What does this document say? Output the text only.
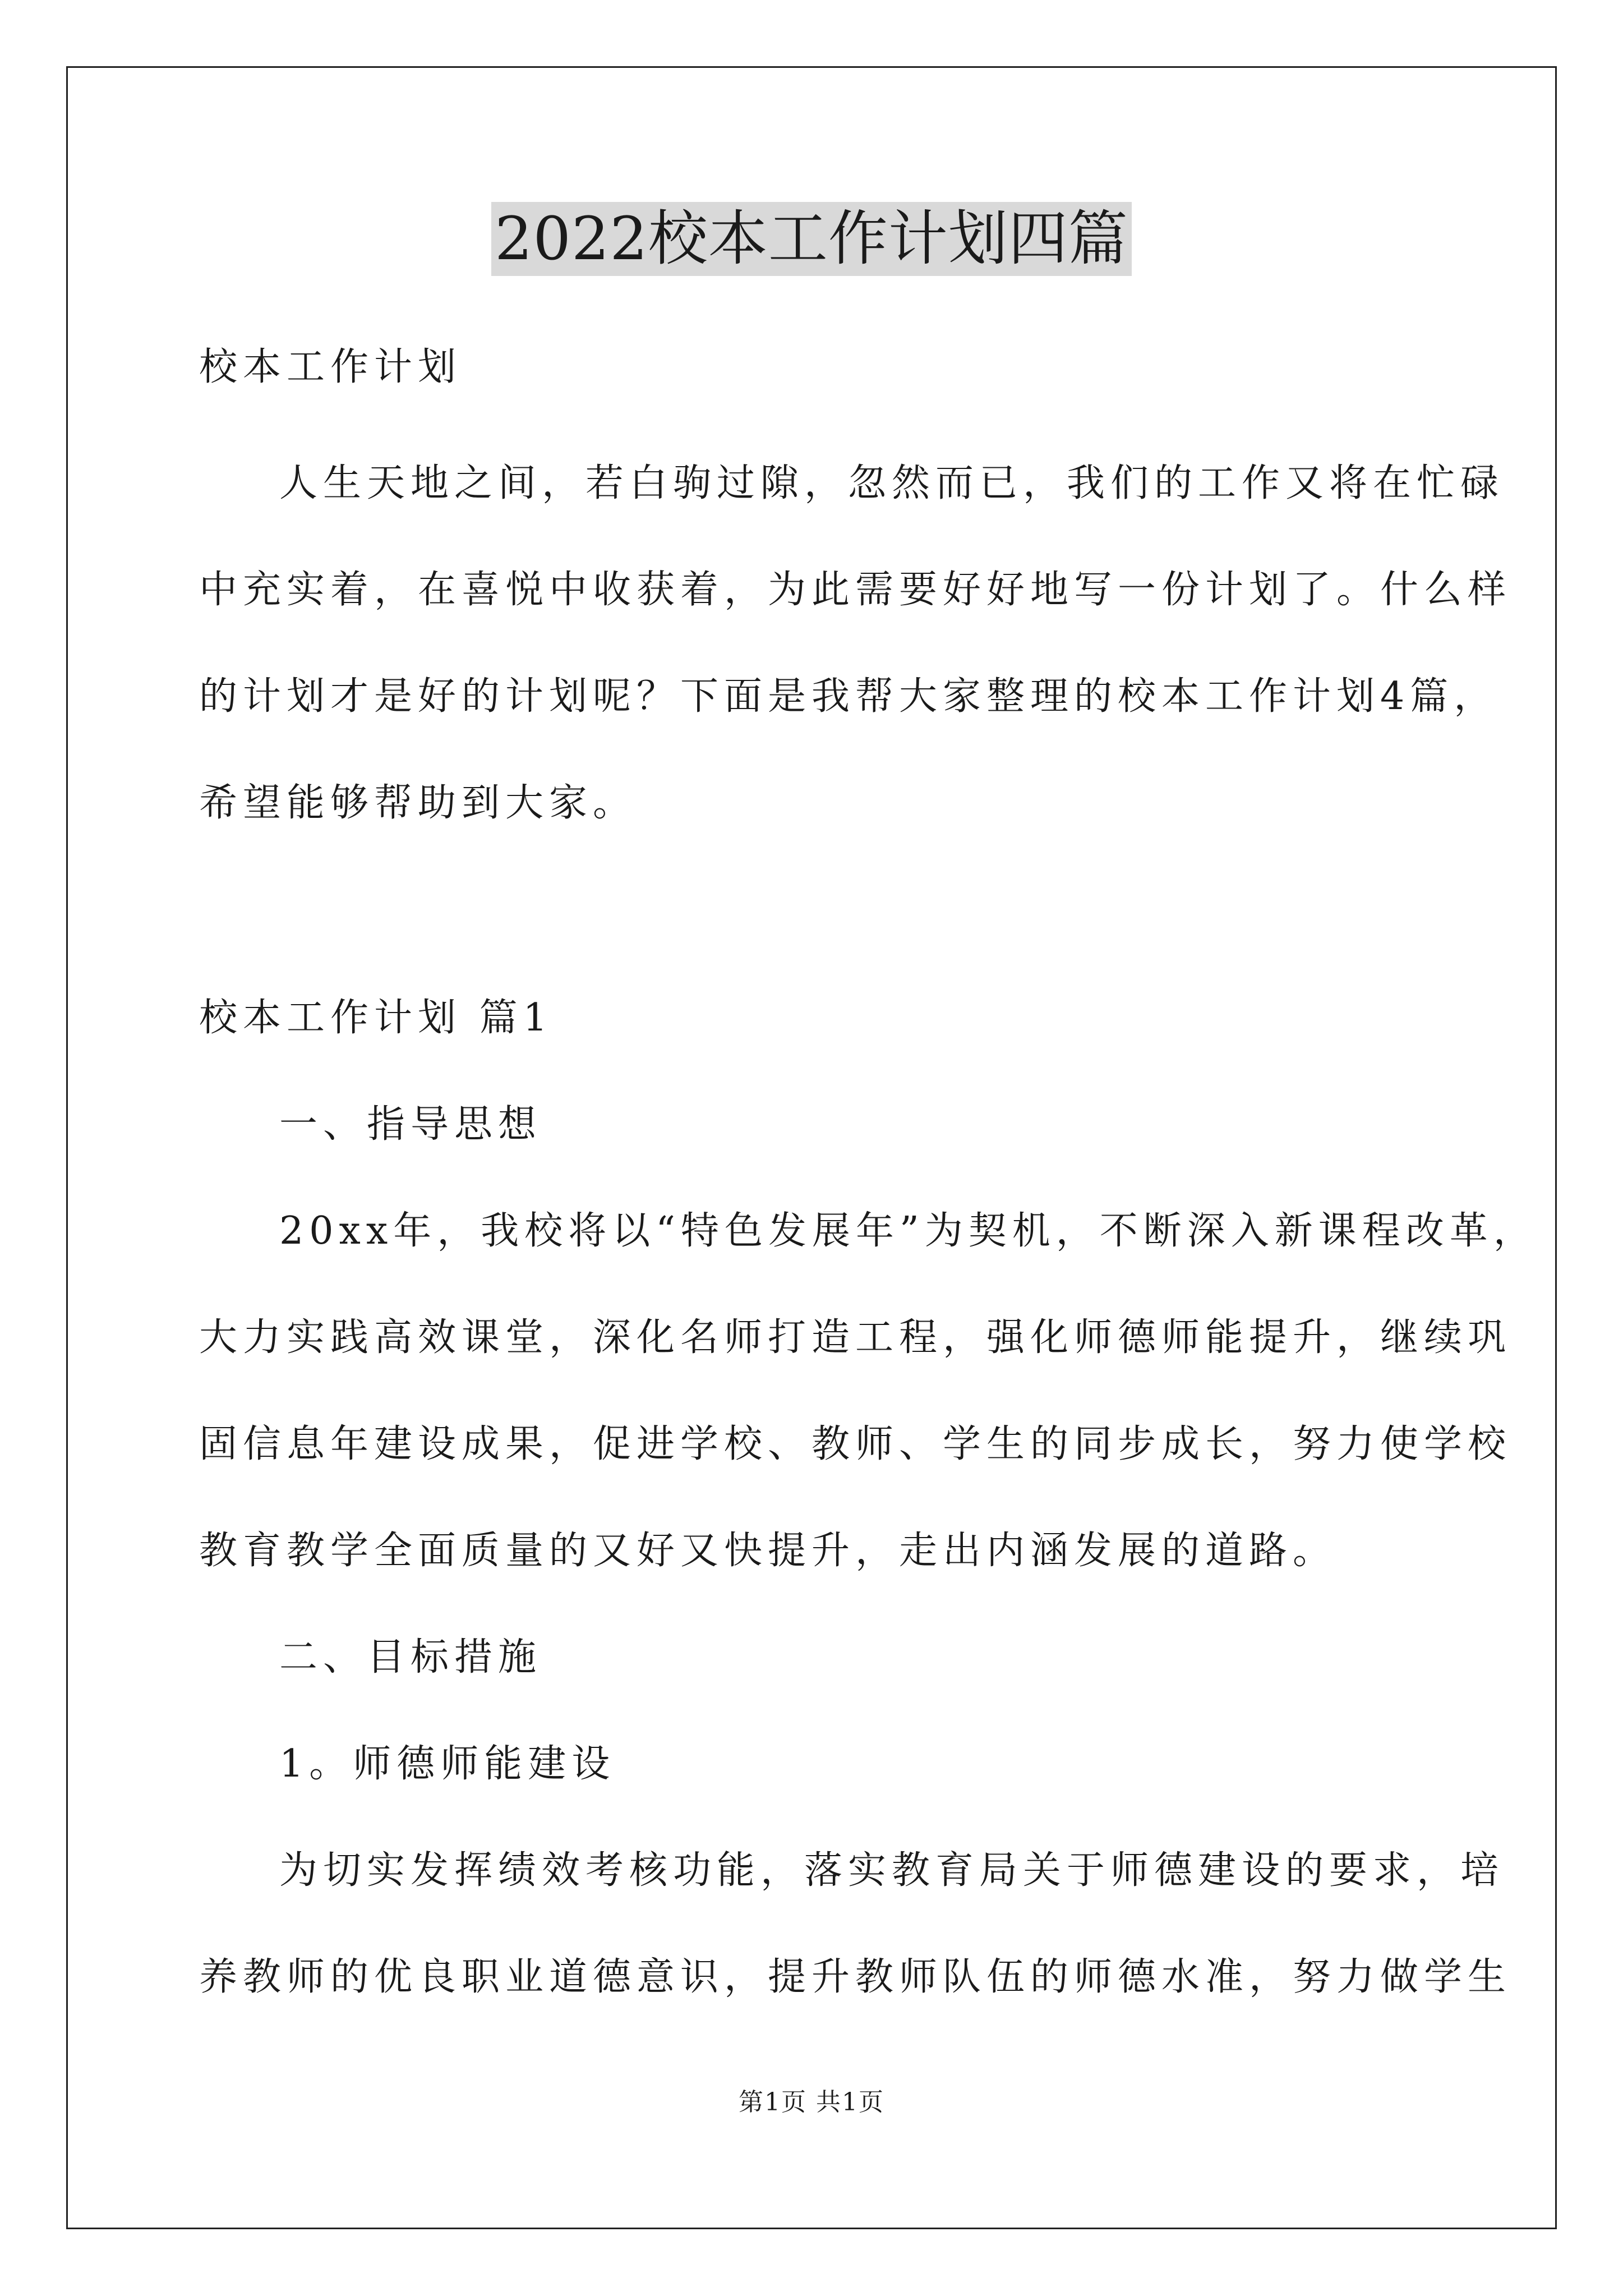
2022校本工作计划四篇
校本工作计划
人生天地之间，若白驹过隙，忽然而已，我们的工作又将在忙碌
中充实着，在喜悦中收获着，为此需要好好地写一份计划了。什么样
的计划才是好的计划呢？下面是我帮大家整理的校本工作计划4篇，
希望能够帮助到大家。
校本工作计划 篇1
一、指导思想
20xx年，我校将以“特色发展年”为契机，不断深入新课程改革，
大力实践高效课堂，深化名师打造工程，强化师德师能提升，继续巩
固信息年建设成果，促进学校、教师、学生的同步成长，努力使学校
教育教学全面质量的又好又快提升，走出内涵发展的道路。
二、目标措施
1。师德师能建设
为切实发挥绩效考核功能，落实教育局关于师德建设的要求，培
养教师的优良职业道德意识，提升教师队伍的师德水准，努力做学生
第1页 共1页
